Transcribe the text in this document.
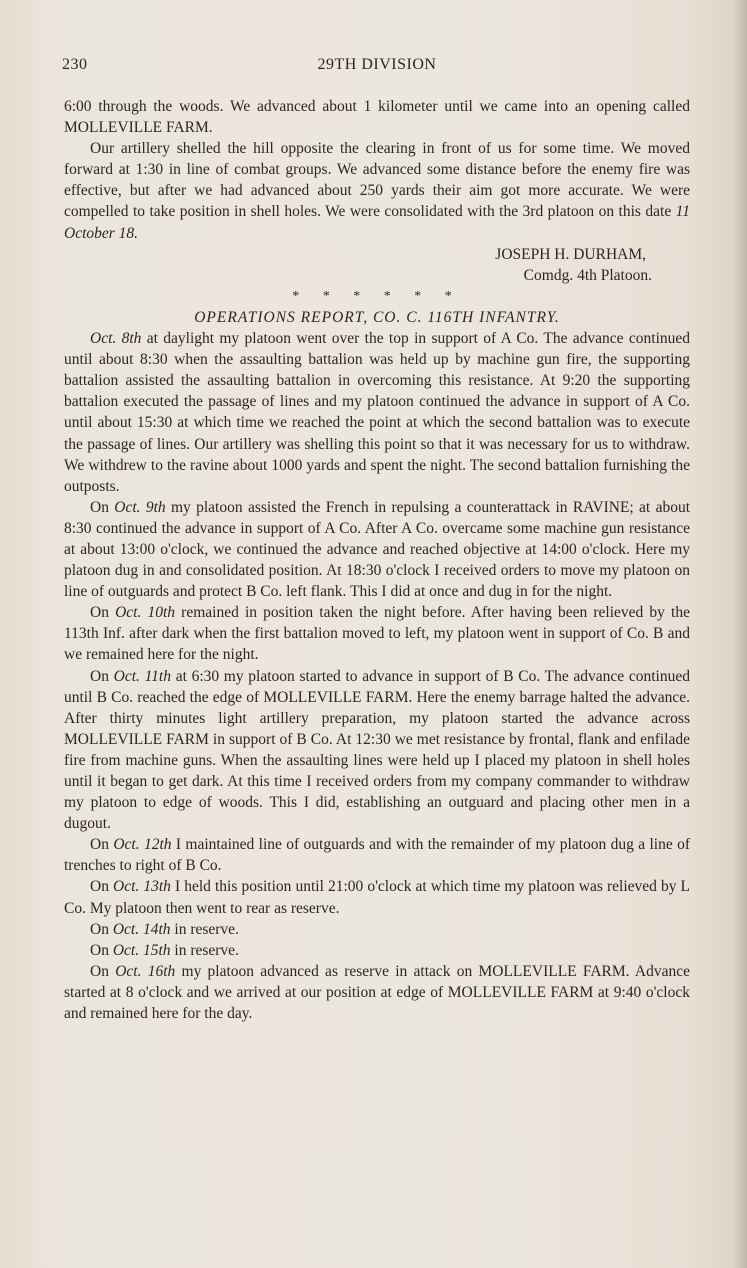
230	29TH DIVISION

6:00 through the woods. We advanced about 1 kilometer until we came into an opening called MOLLEVILLE FARM.

Our artillery shelled the hill opposite the clearing in front of us for some time. We moved forward at 1:30 in line of combat groups. We advanced some distance before the enemy fire was effective, but after we had advanced about 250 yards their aim got more accurate. We were compelled to take position in shell holes. We were consolidated with the 3rd platoon on this date 11 October 18.

JOSEPH H. DURHAM,

Comdg. 4th Platoon.

* * * * * *

OPERATIONS REPORT, CO. C. 116TH INFANTRY.

Oct. 8th at daylight my platoon went over the top in support of A Co. The advance continued until about 8:30 when the assaulting battalion was held up by machine gun fire, the supporting battalion assisted the assaulting battalion in overcoming this resistance. At 9:20 the supporting battalion executed the passage of lines and my platoon continued the advance in support of A Co. until about 15:30 at which time we reached the point at which the second battalion was to execute the passage of lines. Our artillery was shelling this point so that it was necessary for us to withdraw. We withdrew to the ravine about 1000 yards and spent the night. The second battalion furnishing the outposts.

On Oct. 9th my platoon assisted the French in repulsing a counterattack in RAVINE; at about 8:30 continued the advance in support of A Co. After A Co. overcame some machine gun resistance at about 13:00 o'clock, we continued the advance and reached objective at 14:00 o'clock. Here my platoon dug in and consolidated position. At 18:30 o'clock I received orders to move my platoon on line of outguards and protect B Co. left flank. This I did at once and dug in for the night.

On Oct. 10th remained in position taken the night before. After having been relieved by the 113th Inf. after dark when the first battalion moved to left, my platoon went in support of Co. B and we remained here for the night.

On Oct. 11th at 6:30 my platoon started to advance in support of B Co. The advance continued until B Co. reached the edge of MOLLEVILLE FARM. Here the enemy barrage halted the advance. After thirty minutes light artillery preparation, my platoon started the advance across MOLLEVILLE FARM in support of B Co. At 12:30 we met resistance by frontal, flank and enfilade fire from machine guns. When the assaulting lines were held up I placed my platoon in shell holes until it began to get dark. At this time I received orders from my company commander to withdraw my platoon to edge of woods. This I did, establishing an outguard and placing other men in a dugout.

On Oct. 12th I maintained line of outguards and with the remainder of my platoon dug a line of trenches to right of B Co.

On Oct. 13th I held this position until 21:00 o'clock at which time my platoon was relieved by L Co. My platoon then went to rear as reserve.

On Oct. 14th in reserve.

On Oct. 15th in reserve.

On Oct. 16th my platoon advanced as reserve in attack on MOLLEVILLE FARM. Advance started at 8 o'clock and we arrived at our position at edge of MOLLEVILLE FARM at 9:40 o'clock and remained here for the day.
